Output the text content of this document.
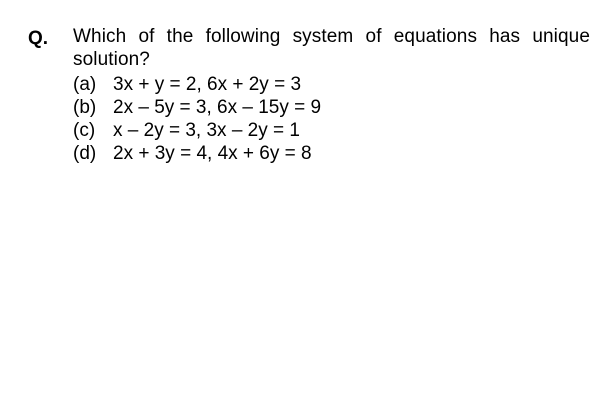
Q. Which of the following system of equations has unique solution?
(a) 3x + y = 2, 6x + 2y = 3
(b) 2x – 5y = 3, 6x – 15y = 9
(c) x – 2y = 3, 3x – 2y = 1
(d) 2x + 3y = 4, 4x + 6y = 8
